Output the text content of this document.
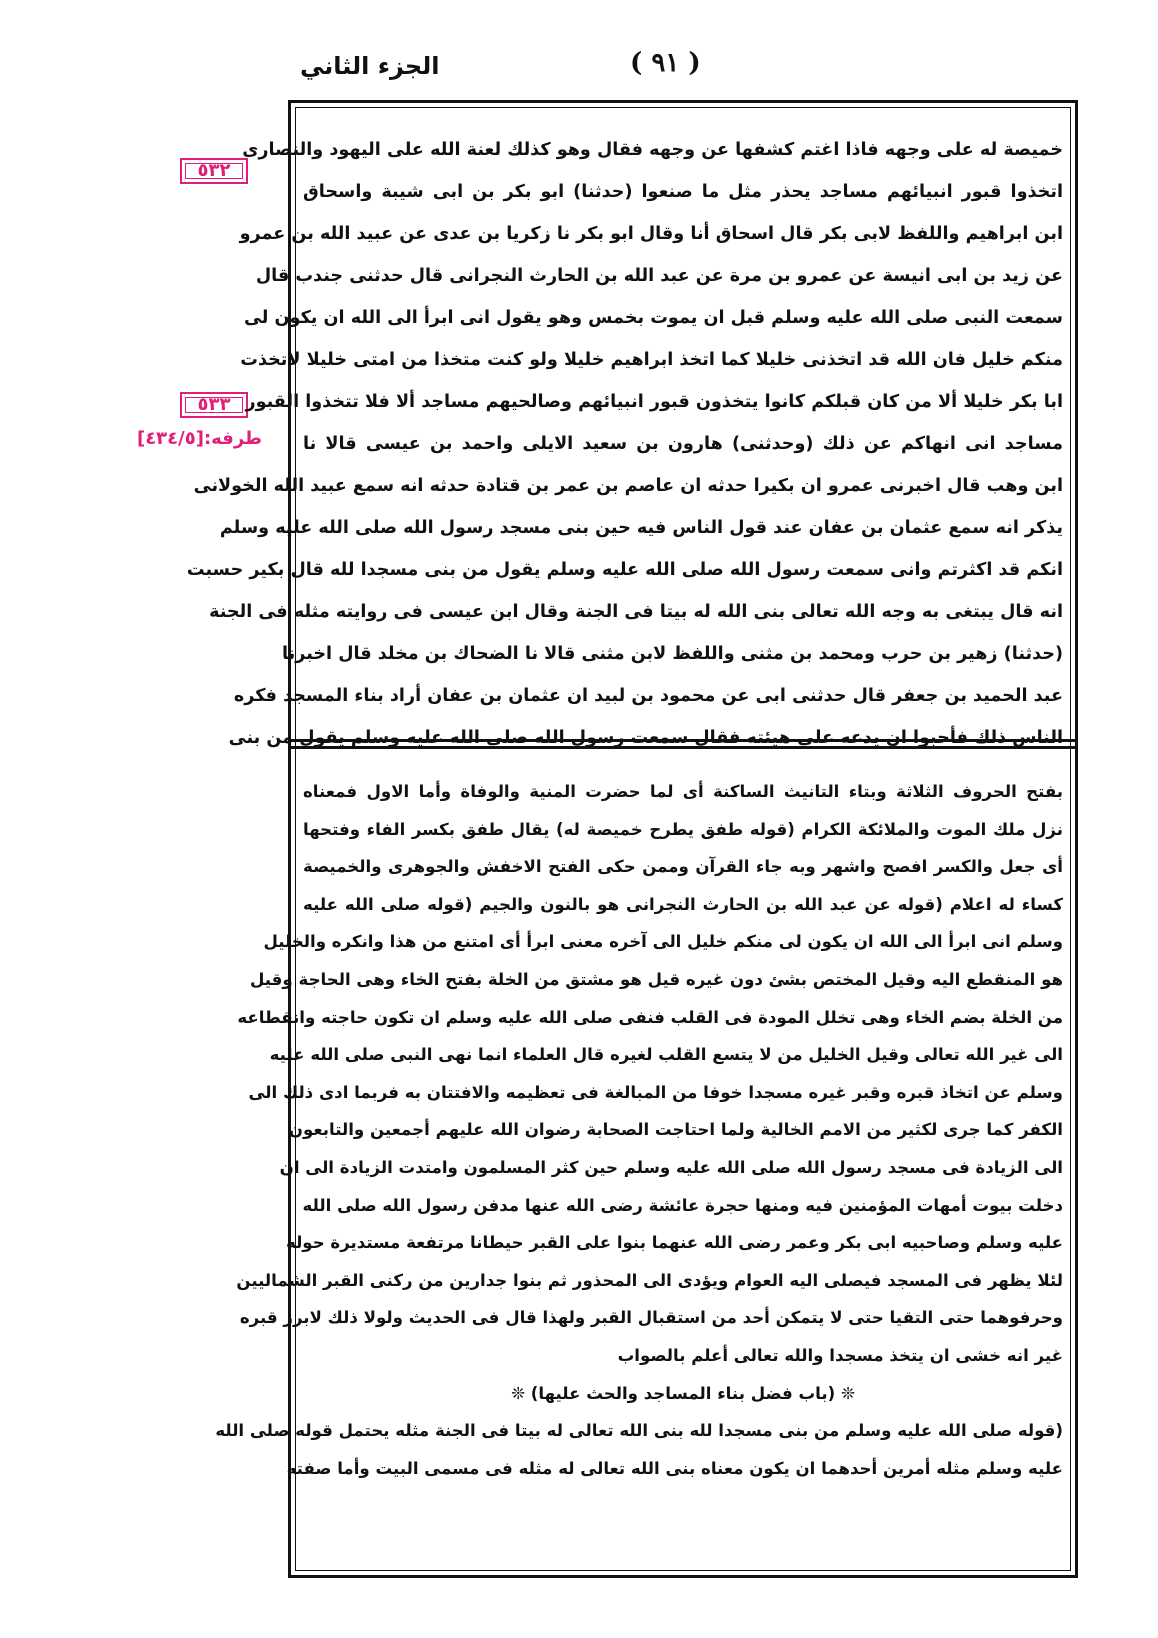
الجزء الثاني	( ٩١ )
٥٣٢
٥٣٣
طرفه:[٤٣٤/٥]
خميصة له على وجهه فاذا اغتم كشفها عن وجهه فقال وهو كذلك لعنة الله على اليهود والنصارى
اتخذوا قبور انبيائهم مساجد يحذر مثل ما صنعوا (حدثنا) ابو بكر بن ابى شيبة واسحاق
ابن ابراهيم واللفظ لابى بكر قال اسحاق أنا وقال ابو بكر نا زكريا بن عدى عن عبيد الله بن عمرو
عن زيد بن ابى انيسة عن عمرو بن مرة عن عبد الله بن الحارث النجرانى قال حدثنى جندب قال
سمعت النبى صلى الله عليه وسلم قبل ان يموت بخمس وهو يقول انى ابرأ الى الله ان يكون لى
منكم خليل فان الله قد اتخذنى خليلا كما اتخذ ابراهيم خليلا ولو كنت متخذا من امتى خليلا لاتخذت
ابا بكر خليلا ألا من كان قبلكم كانوا يتخذون قبور انبيائهم وصالحيهم مساجد ألا فلا تتخذوا القبور
مساجد انى انهاكم عن ذلك (وحدثنى) هارون بن سعيد الايلى واحمد بن عيسى قالا نا
ابن وهب قال اخبرنى عمرو ان بكيرا حدثه ان عاصم بن عمر بن قتادة حدثه انه سمع عبيد الله الخولانى
يذكر انه سمع عثمان بن عفان عند قول الناس فيه حين بنى مسجد رسول الله صلى الله عليه وسلم
انكم قد اكثرتم وانى سمعت رسول الله صلى الله عليه وسلم يقول من بنى مسجدا لله قال بكير حسبت
انه قال يبتغى به وجه الله تعالى بنى الله له بيتا فى الجنة وقال ابن عيسى فى روايته مثله فى الجنة
(حدثنا) زهير بن حرب ومحمد بن مثنى واللفظ لابن مثنى قالا نا الضحاك بن مخلد قال اخبرنا
عبد الحميد بن جعفر قال حدثنى ابى عن محمود بن لبيد ان عثمان بن عفان أراد بناء المسجد فكره
الناس ذلك فأحبوا ان يدعه على هيئته فقال سمعت رسول الله صلى الله عليه وسلم يقول من بنى
بفتح الحروف الثلاثة وبتاء التانيث الساكنة أى لما حضرت المنية والوفاة وأما الاول فمعناه
نزل ملك الموت والملائكة الكرام (قوله طفق يطرح خميصة له) يقال طفق بكسر الفاء وفتحها
أى جعل والكسر افصح واشهر وبه جاء القرآن وممن حكى الفتح الاخفش والجوهرى والخميصة
كساء له اعلام (قوله عن عبد الله بن الحارث النجرانى هو بالنون والجيم (قوله صلى الله عليه
وسلم انى ابرأ الى الله ان يكون لى منكم خليل الى آخره معنى ابرأ أى امتنع من هذا وانكره والخليل
هو المنقطع اليه وقيل المختص بشئ دون غيره قيل هو مشتق من الخلة بفتح الخاء وهى الحاجة وقيل
من الخلة بضم الخاء وهى تخلل المودة فى القلب فنفى صلى الله عليه وسلم ان تكون حاجته وانقطاعه
الى غير الله تعالى وقيل الخليل من لا يتسع القلب لغيره قال العلماء انما نهى النبى صلى الله عليه
وسلم عن اتخاذ قبره وقبر غيره مسجدا خوفا من المبالغة فى تعظيمه والافتتان به فربما ادى ذلك الى
الكفر كما جرى لكثير من الامم الخالية ولما احتاجت الصحابة رضوان الله عليهم أجمعين والتابعون
الى الزيادة فى مسجد رسول الله صلى الله عليه وسلم حين كثر المسلمون وامتدت الزيادة الى ان
دخلت بيوت أمهات المؤمنين فيه ومنها حجرة عائشة رضى الله عنها مدفن رسول الله صلى الله
عليه وسلم وصاحبيه ابى بكر وعمر رضى الله عنهما بنوا على القبر حيطانا مرتفعة مستديرة حوله
لئلا يظهر فى المسجد فيصلى اليه العوام ويؤدى الى المحذور ثم بنوا جدارين من ركنى القبر الشماليين
وحرفوهما حتى التقيا حتى لا يتمكن أحد من استقبال القبر ولهذا قال فى الحديث ولولا ذلك لابرز قبره
غير انه خشى ان يتخذ مسجدا والله تعالى أعلم بالصواب
❊ (باب فضل بناء المساجد والحث عليها) ❊
(قوله صلى الله عليه وسلم من بنى مسجدا لله بنى الله تعالى له بيتا فى الجنة مثله يحتمل قوله صلى الله
عليه وسلم مثله أمرين أحدهما ان يكون معناه بنى الله تعالى له مثله فى مسمى البيت وأما صفته
